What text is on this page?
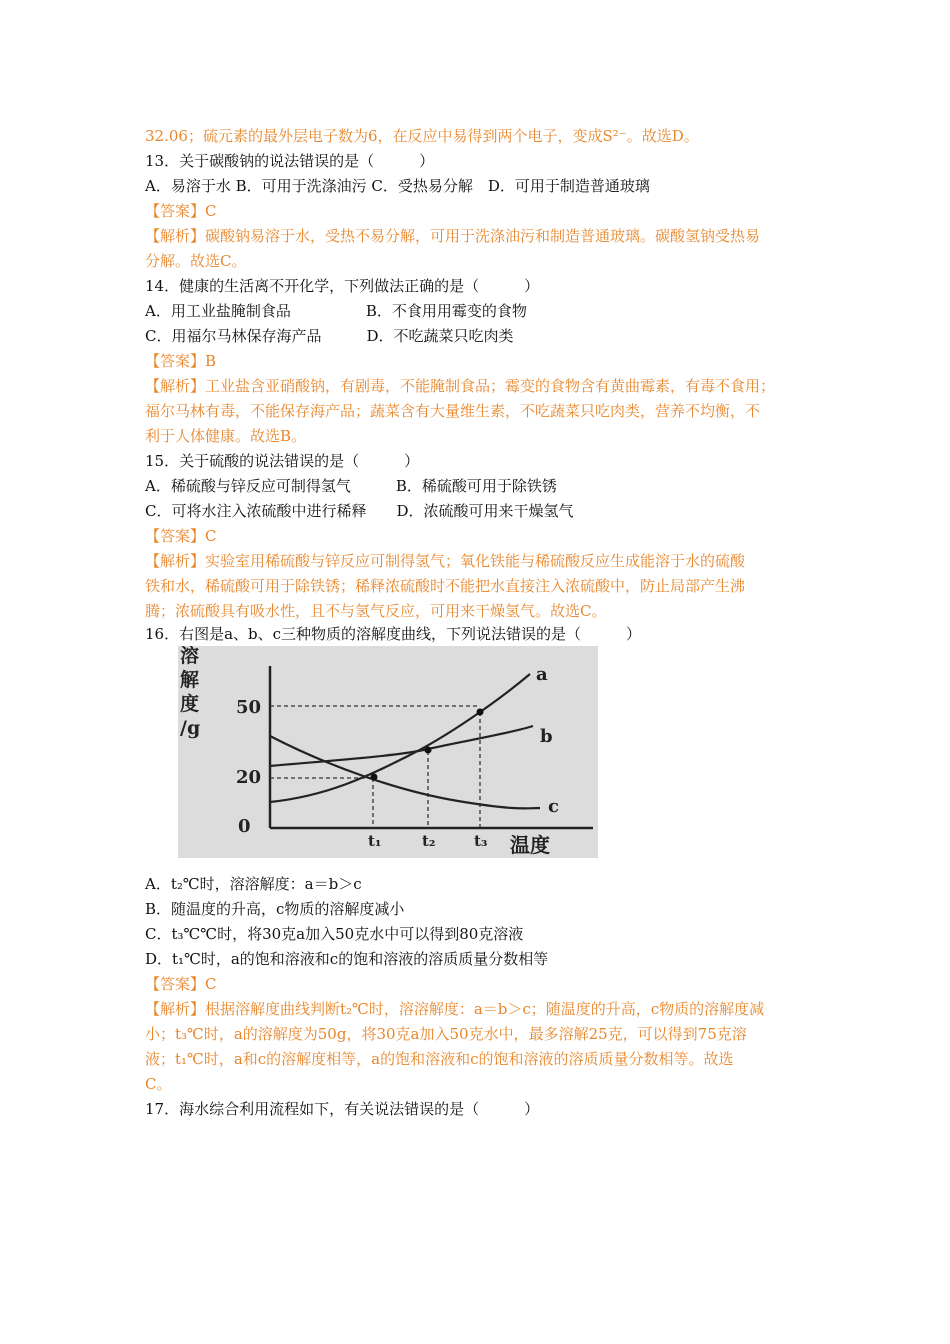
32.06；硫元素的最外层电子数为6，在反应中易得到两个电子，变成S²⁻。故选D。
13．关于碳酸钠的说法错误的是（　　　）
A．易溶于水 B．可用于洗涤油污 C．受热易分解　D．可用于制造普通玻璃
【答案】C
【解析】碳酸钠易溶于水，受热不易分解，可用于洗涤油污和制造普通玻璃。碳酸氢钠受热易
分解。故选C。
14．健康的生活离不开化学，下列做法正确的是（　　　）
A．用工业盐腌制食品　　　　　B．不食用用霉变的食物
C．用福尔马林保存海产品　　　D．不吃蔬菜只吃肉类
【答案】B
【解析】工业盐含亚硝酸钠，有剧毒，不能腌制食品；霉变的食物含有黄曲霉素，有毒不食用；
福尔马林有毒，不能保存海产品；蔬菜含有大量维生素，不吃蔬菜只吃肉类，营养不均衡，不
利于人体健康。故选B。
15．关于硫酸的说法错误的是（　　　）
A．稀硫酸与锌反应可制得氢气　　　B．稀硫酸可用于除铁锈
C．可将水注入浓硫酸中进行稀释　　D．浓硫酸可用来干燥氢气
【答案】C
【解析】实验室用稀硫酸与锌反应可制得氢气；氧化铁能与稀硫酸反应生成能溶于水的硫酸
铁和水，稀硫酸可用于除铁锈；稀释浓硫酸时不能把水直接注入浓硫酸中，防止局部产生沸
腾；浓硫酸具有吸水性，且不与氢气反应，可用来干燥氢气。故选C。
16．右图是a、b、c三种物质的溶解度曲线，下列说法错误的是（　　　）
溶
解
度
/g
50
20
0
a
b
c
t₁	t₂	t₃ 温度
A．t₂℃时，溶溶解度：a＝b＞c
B．随温度的升高，c物质的溶解度减小
C．t₃℃℃时，将30克a加入50克水中可以得到80克溶液
D．t₁℃时，a的饱和溶液和c的饱和溶液的溶质质量分数相等
【答案】C
【解析】根据溶解度曲线判断t₂℃时，溶溶解度：a＝b＞c；随温度的升高，c物质的溶解度减
小；t₃℃时，a的溶解度为50g，将30克a加入50克水中，最多溶解25克，可以得到75克溶
液；t₁℃时，a和c的溶解度相等，a的饱和溶液和c的饱和溶液的溶质质量分数相等。故选
C。
17．海水综合利用流程如下，有关说法错误的是（　　　）
